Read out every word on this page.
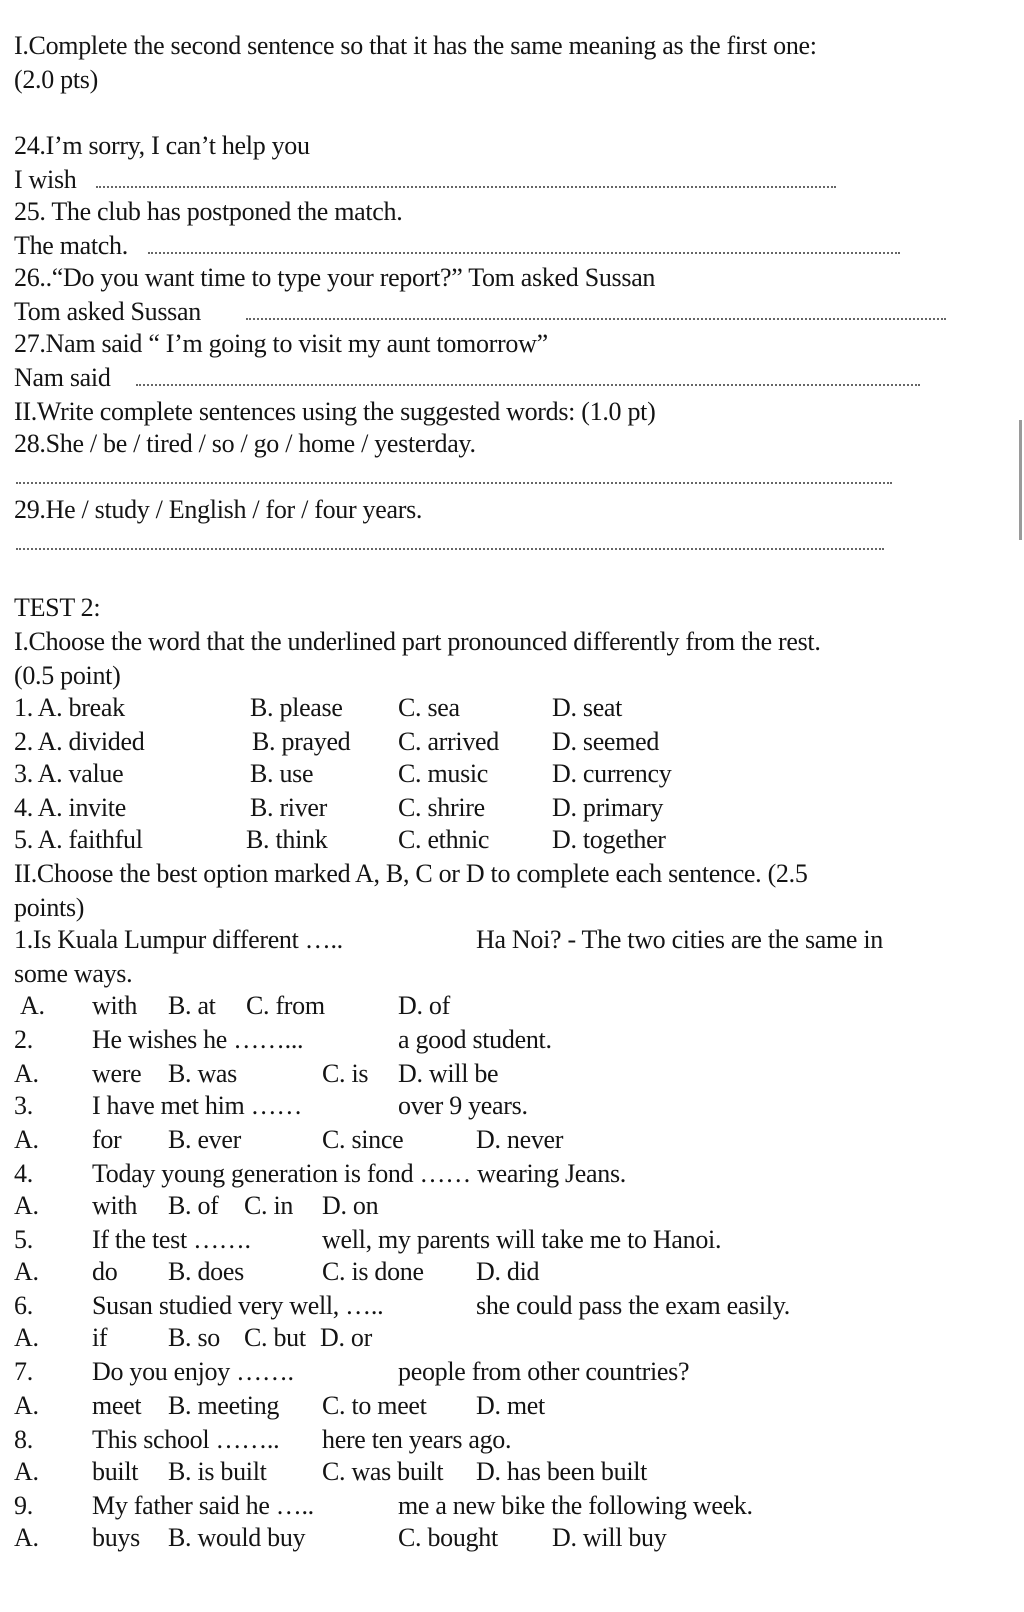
I.Complete the second sentence so that it has the same meaning as the first one:
(2.0 pts)
24.I’m sorry, I can’t help you
I wish
25. The club has postponed the match.
The match.
26..“Do you want time to type your report?” Tom asked Sussan
Tom asked Sussan
27.Nam said “ I’m going to visit my aunt tomorrow”
Nam said
II.Write complete sentences using the suggested words: (1.0 pt)
28.She / be / tired / so / go / home / yesterday.
29.He / study / English / for / four years.
TEST 2:
I.Choose the word that the underlined part pronounced differently from the rest.
(0.5 point)
1. A. break	B. please C. sea	D. seat
2. A. divided	B. prayed C. arrived D. seemed
3. A. value	B. use	C. music D. currency
4. A. invite	B. river	C. shrire	D. primary
5. A. faithful	B. think	C. ethnic D. together
II.Choose the best option marked A, B, C or D to complete each sentence. (2.5
points)
1.Is Kuala Lumpur different …..	Ha Noi? - The two cities are the same in
some ways.
A. with B. at C. from	D. of
2. He wishes he ……...	a good student.
A. were B. was	C. is D. will be
3. I have met him ……	over 9 years.
A. for B. ever	C. since	D. never
4. Today young generation is fond …… wearing Jeans.
A. with B. of C. in D. on
5. If the test …….	well, my parents will take me to Hanoi.
A. do B. does	C. is done D. did
6. Susan studied very well, …..	she could pass the exam easily.
A. if B. so C. but D. or
7. Do you enjoy …….	people from other countries?
A. meet B. meeting C. to meet D. met
8. This school …….. here ten years ago.
A. built B. is built C. was built D. has been built
9. My father said he …..	me a new bike the following week.
A. buys B. would buy	C. bought D. will buy
